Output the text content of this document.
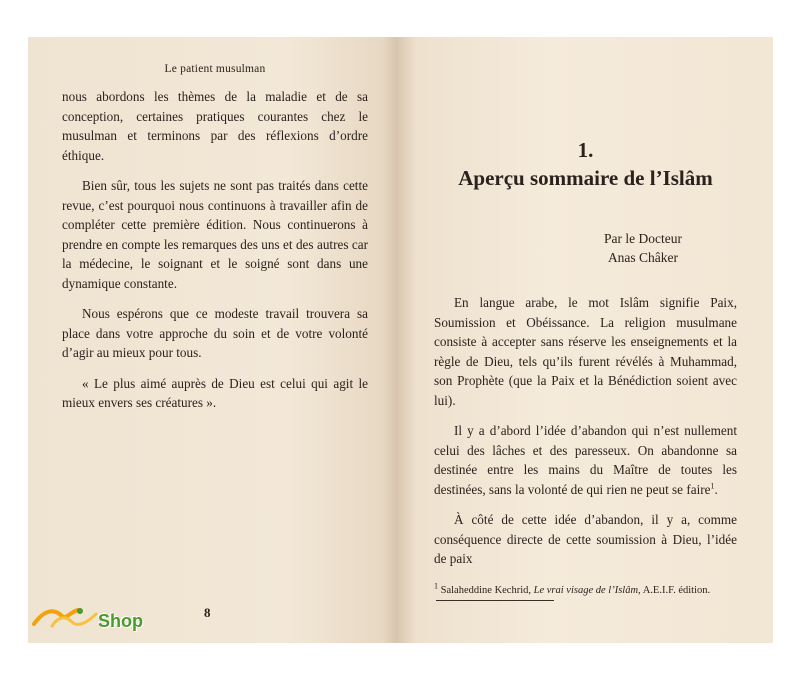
Le patient musulman

nous abordons les thèmes de la maladie et de sa conception, certaines pratiques courantes chez le musulman et terminons par des réflexions d’ordre éthique.

Bien sûr, tous les sujets ne sont pas traités dans cette revue, c’est pourquoi nous continuons à travailler afin de compléter cette première édition. Nous continuerons à prendre en compte les remarques des uns et des autres car la médecine, le soignant et le soigné sont dans une dynamique constante.

Nous espérons que ce modeste travail trouvera sa place dans votre approche du soin et de votre volonté d’agir au mieux pour tous.

« Le plus aimé auprès de Dieu est celui qui agit le mieux envers ses créatures ».

8
1.
Aperçu sommaire de l’Islâm
Par le Docteur
Anas Châker

En langue arabe, le mot Islâm signifie Paix, Soumission et Obéissance. La religion musulmane consiste à accepter sans réserve les enseignements et la règle de Dieu, tels qu’ils furent révélés à Muhammad, son Prophète (que la Paix et la Bénédiction soient avec lui).

Il y a d’abord l’idée d’abandon qui n’est nullement celui des lâches et des paresseux. On abandonne sa destinée entre les mains du Maître de toutes les destinées, sans la volonté de qui rien ne peut se faire$^1$.

À côté de cette idée d’abandon, il y a, comme conséquence directe de cette soumission à Dieu, l’idée de paix

$^1$ Salaheddine Kechrid, Le vrai visage de l’Islâm, A.E.I.F. édition.
Shop
